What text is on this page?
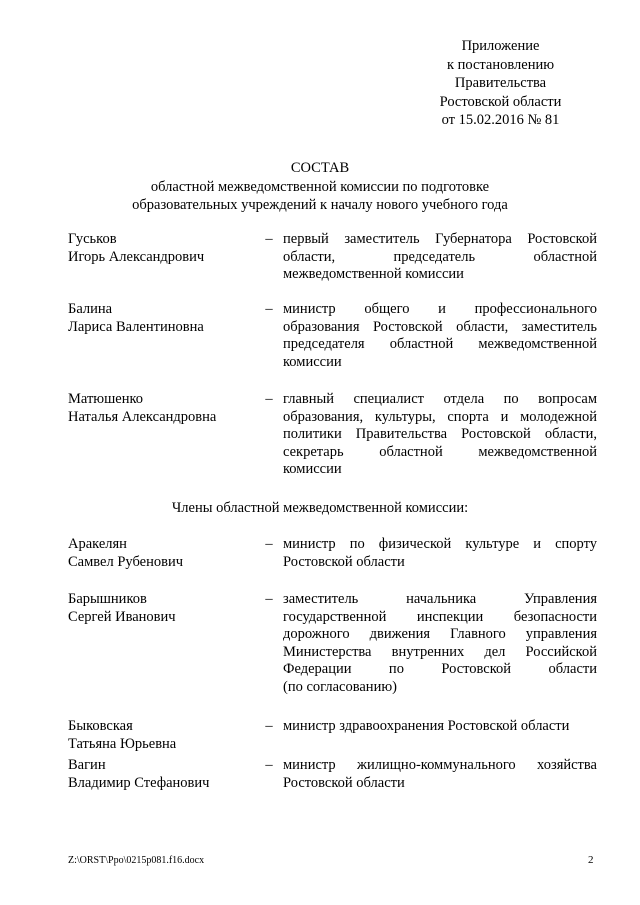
Приложение
к постановлению
Правительства
Ростовской области
от 15.02.2016 № 81
СОСТАВ
областной межведомственной комиссии по подготовке
образовательных учреждений к началу нового учебного года
Гуськов
Игорь Александрович
– первый заместитель Губернатора Ростовской
области, председатель областной
межведомственной комиссии
Балина
Лариса Валентиновна
– министр общего и профессионального
образования Ростовской области, заместитель
председателя областной межведомственной
комиссии
Матюшенко
Наталья Александровна
– главный специалист отдела по вопросам
образования, культуры, спорта и молодежной
политики Правительства Ростовской области,
секретарь областной межведомственной
комиссии
Члены областной межведомственной комиссии:
Аракелян
Самвел Рубенович
– министр по физической культуре и спорту
Ростовской области
Барышников
Сергей Иванович
– заместитель начальника Управления
государственной инспекции безопасности
дорожного движения Главного управления
Министерства внутренних дел Российской
Федерации по Ростовской области
(по согласованию)
Быковская
Татьяна Юрьевна
– министр здравоохранения Ростовской области
Вагин
Владимир Стефанович
– министр жилищно-коммунального хозяйства
Ростовской области
Z:\ORST\Ppo\0215p081.f16.docx	2
